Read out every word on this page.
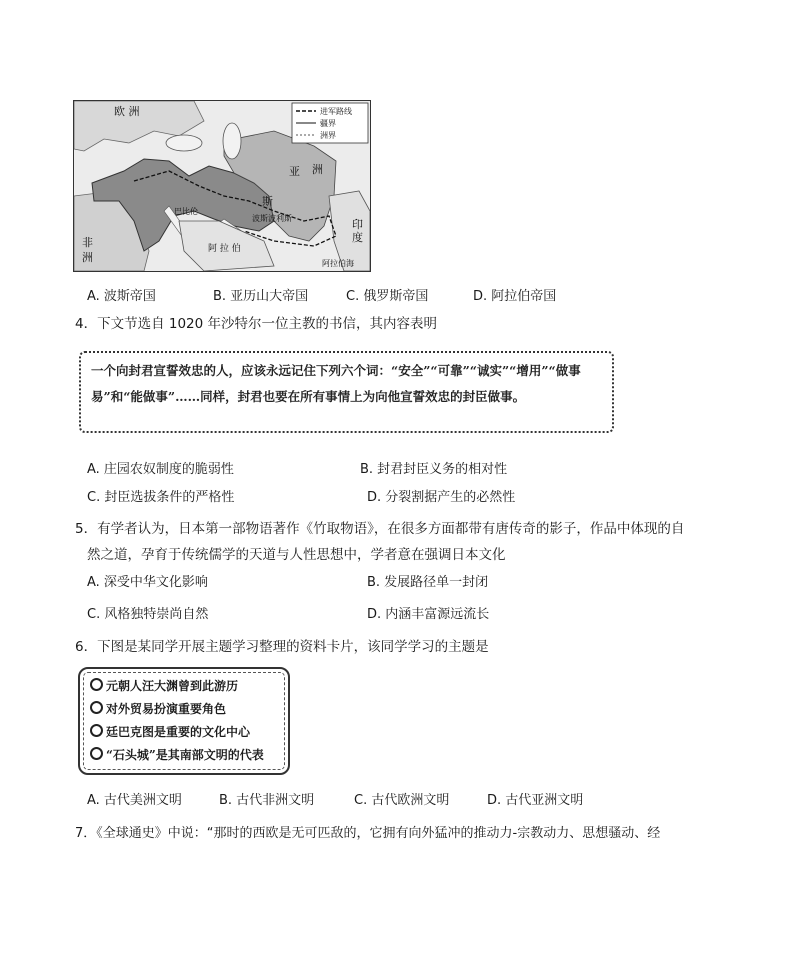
欧 洲
非
洲
亚 洲
斯
阿 拉 伯
印
度
波斯波利斯
巴比伦
阿拉伯海
进军路线
疆界
洲界
A. 波斯帝国	B. 亚历山大帝国	C. 俄罗斯帝国	D. 阿拉伯帝国
4．下文节选自 1020 年沙特尔一位主教的书信，其内容表明
一个向封君宣誓效忠的人，应该永远记住下列六个词：“安全”“可靠”“诚实”“增用”“做事易”和“能做事”……同样，封君也要在所有事情上为向他宣誓效忠的封臣做事。
A. 庄园农奴制度的脆弱性	B. 封君封臣义务的相对性
C. 封臣选拔条件的严格性	D. 分裂割据产生的必然性
5．有学者认为，日本第一部物语著作《竹取物语》，在很多方面都带有唐传奇的影子，作品中体现的自
然之道，孕育于传统儒学的天道与人性思想中，学者意在强调日本文化
A. 深受中华文化影响	B. 发展路径单一封闭
C. 风格独特崇尚自然	D. 内涵丰富源远流长
6．下图是某同学开展主题学习整理的资料卡片，该同学学习的主题是
元朝人汪大渊曾到此游历
对外贸易扮演重要角色
廷巴克图是重要的文化中心
“石头城”是其南部文明的代表
A. 古代美洲文明	B. 古代非洲文明	C. 古代欧洲文明	D. 古代亚洲文明
7．《全球通史》中说：“那时的西欧是无可匹敌的，它拥有向外猛冲的推动力-宗教动力、思想骚动、经
